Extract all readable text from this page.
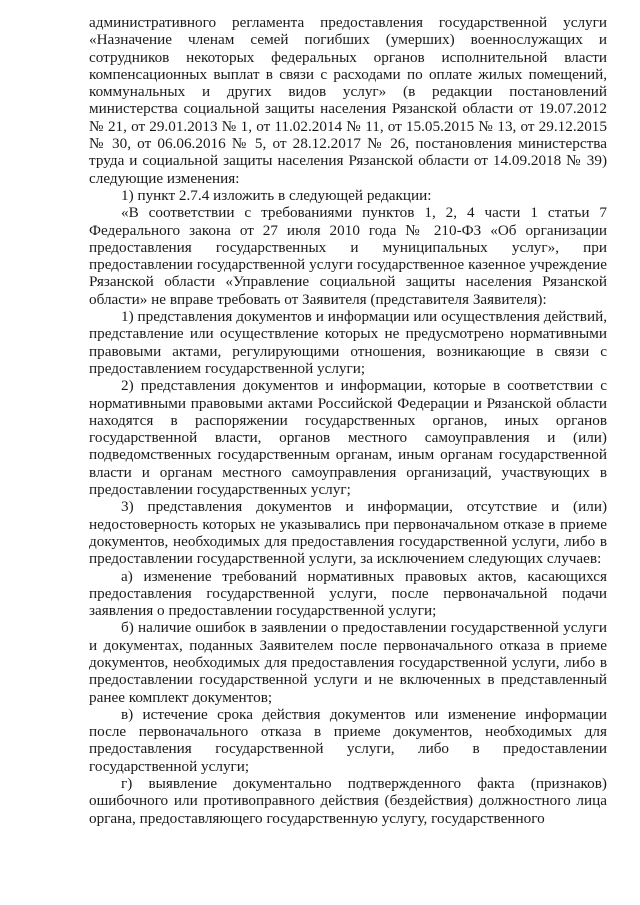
административного регламента предоставления государственной услуги «Назначение членам семей погибших (умерших) военнослужащих и сотрудников некоторых федеральных органов исполнительной власти компенсационных выплат в связи с расходами по оплате жилых помещений, коммунальных и других видов услуг» (в редакции постановлений министерства социальной защиты населения Рязанской области от 19.07.2012 № 21, от 29.01.2013 № 1, от 11.02.2014 № 11, от 15.05.2015 № 13, от 29.12.2015 № 30, от 06.06.2016 № 5, от 28.12.2017 № 26, постановления министерства труда и социальной защиты населения Рязанской области от 14.09.2018 № 39) следующие изменения:

1) пункт 2.7.4 изложить в следующей редакции:

«В соответствии с требованиями пунктов 1, 2, 4 части 1 статьи 7 Федерального закона от 27 июля 2010 года № 210-ФЗ «Об организации предоставления государственных и муниципальных услуг», при предоставлении государственной услуги государственное казенное учреждение Рязанской области «Управление социальной защиты населения Рязанской области» не вправе требовать от Заявителя (представителя Заявителя):

1) представления документов и информации или осуществления действий, представление или осуществление которых не предусмотрено нормативными правовыми актами, регулирующими отношения, возникающие в связи с предоставлением государственной услуги;

2) представления документов и информации, которые в соответствии с нормативными правовыми актами Российской Федерации и Рязанской области находятся в распоряжении государственных органов, иных органов государственной власти, органов местного самоуправления и (или) подведомственных государственным органам, иным органам государственной власти и органам местного самоуправления организаций, участвующих в предоставлении государственных услуг;

3) представления документов и информации, отсутствие и (или) недостоверность которых не указывались при первоначальном отказе в приеме документов, необходимых для предоставления государственной услуги, либо в предоставлении государственной услуги, за исключением следующих случаев:

а) изменение требований нормативных правовых актов, касающихся предоставления государственной услуги, после первоначальной подачи заявления о предоставлении государственной услуги;

б) наличие ошибок в заявлении о предоставлении государственной услуги и документах, поданных Заявителем после первоначального отказа в приеме документов, необходимых для предоставления государственной услуги, либо в предоставлении государственной услуги и не включенных в представленный ранее комплект документов;

в) истечение срока действия документов или изменение информации после первоначального отказа в приеме документов, необходимых для предоставления государственной услуги, либо в предоставлении государственной услуги;

г) выявление документально подтвержденного факта (признаков) ошибочного или противоправного действия (бездействия) должностного лица органа, предоставляющего государственную услугу, государственного
